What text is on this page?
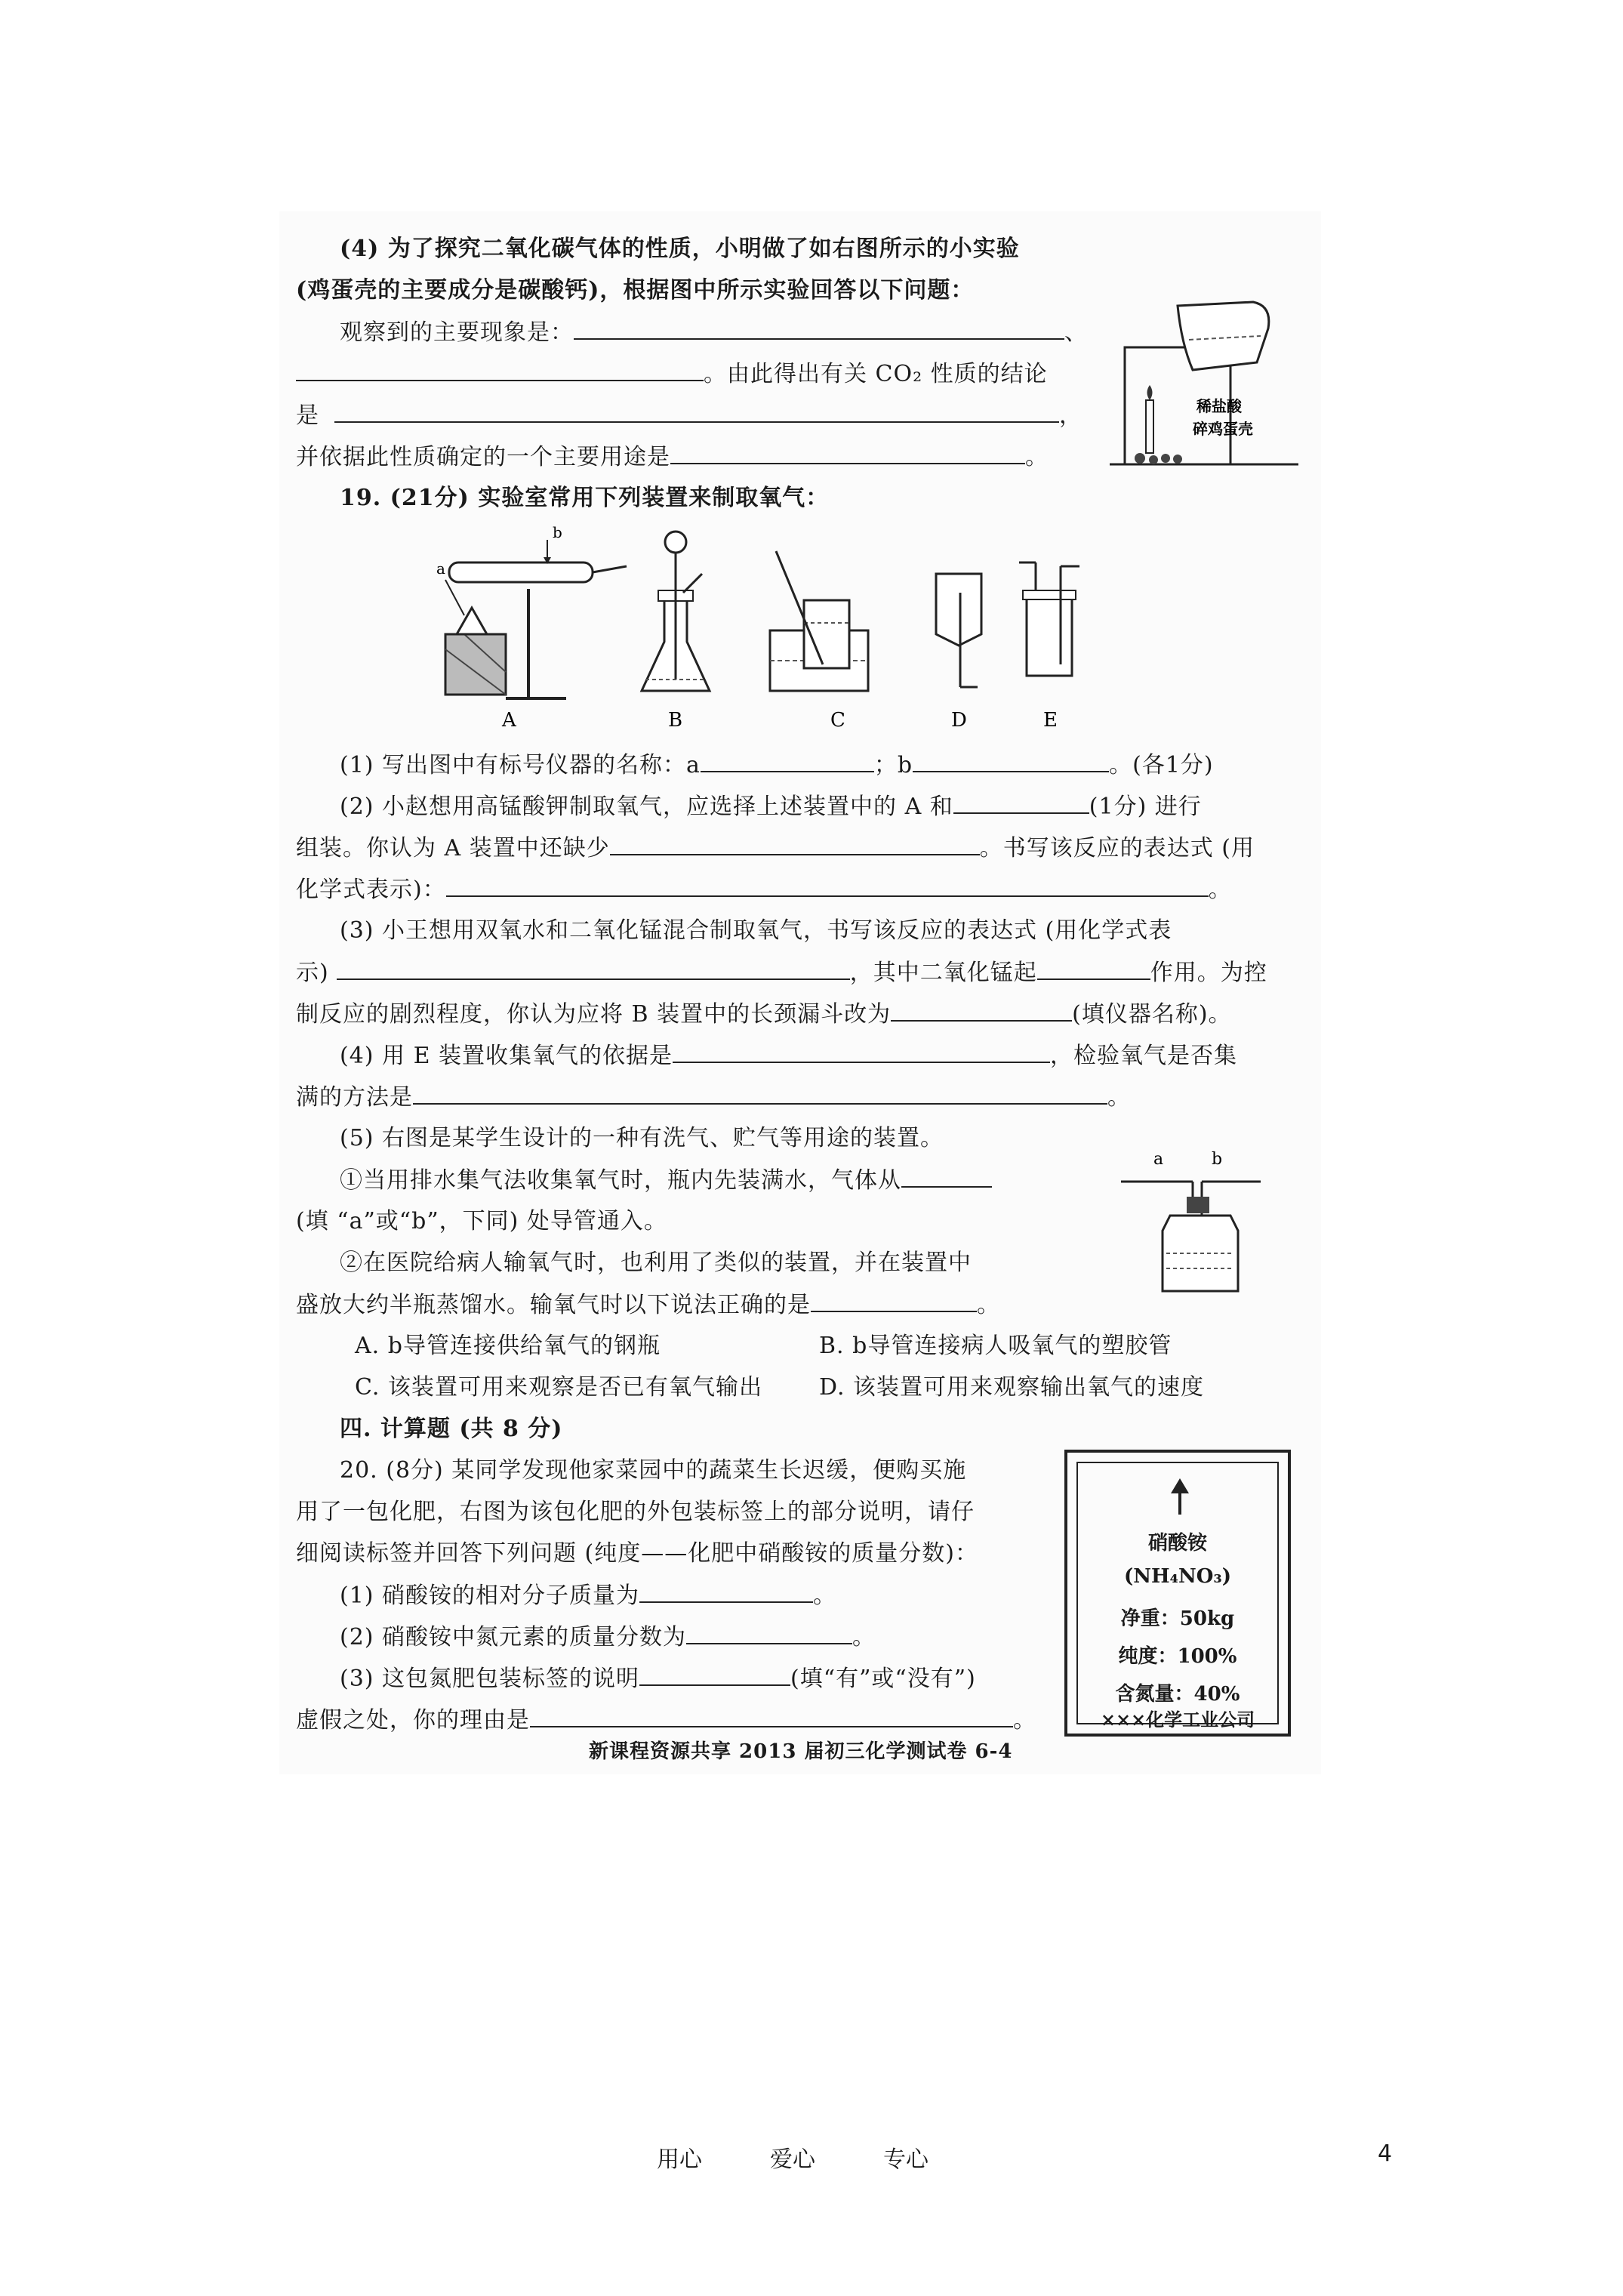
(4) 为了探究二氧化碳气体的性质，小明做了如右图所示的小实验
(鸡蛋壳的主要成分是碳酸钙)，根据图中所示实验回答以下问题：
观察到的主要现象是：	、
。由此得出有关 CO₂ 性质的结论
是	，
并依据此性质确定的一个主要用途是	。
稀盐酸
碎鸡蛋壳
19. (21分) 实验室常用下列装置来制取氧气：
b
a
A	B	C	D	E
(1) 写出图中有标号仪器的名称：a	；b	。(各1分)
(2) 小赵想用高锰酸钾制取氧气，应选择上述装置中的 A 和	(1分) 进行
组装。你认为 A 装置中还缺少	。书写该反应的表达式 (用
化学式表示)：	。
(3) 小王想用双氧水和二氧化锰混合制取氧气，书写该反应的表达式 (用化学式表
示)	，其中二氧化锰起	作用。为控
制反应的剧烈程度，你认为应将 B 装置中的长颈漏斗改为	(填仪器名称)。
(4) 用 E 装置收集氧气的依据是	，检验氧气是否集
满的方法是	。
(5) 右图是某学生设计的一种有洗气、贮气等用途的装置。
①当用排水集气法收集氧气时，瓶内先装满水，气体从
(填 “a”或“b”，下同) 处导管通入。
②在医院给病人输氧气时，也利用了类似的装置，并在装置中
盛放大约半瓶蒸馏水。输氧气时以下说法正确的是	。
a	b
A. b导管连接供给氧气的钢瓶	B. b导管连接病人吸氧气的塑胶管
C. 该装置可用来观察是否已有氧气输出	D. 该装置可用来观察输出氧气的速度
四. 计算题 (共 8 分)
20. (8分) 某同学发现他家菜园中的蔬菜生长迟缓，便购买施
用了一包化肥，右图为该包化肥的外包装标签上的部分说明，请仔
细阅读标签并回答下列问题 (纯度——化肥中硝酸铵的质量分数)：
(1) 硝酸铵的相对分子质量为	。
(2) 硝酸铵中氮元素的质量分数为	。
(3) 这包氮肥包装标签的说明	(填“有”或“没有”)
虚假之处，你的理由是	。
硝酸铵
(NH₄NO₃)
净重：50kg
纯度：100%
含氮量：40%
×××化学工业公司
新课程资源共享 2013 届初三化学测试卷 6-4
用心	爱心	专心	4
